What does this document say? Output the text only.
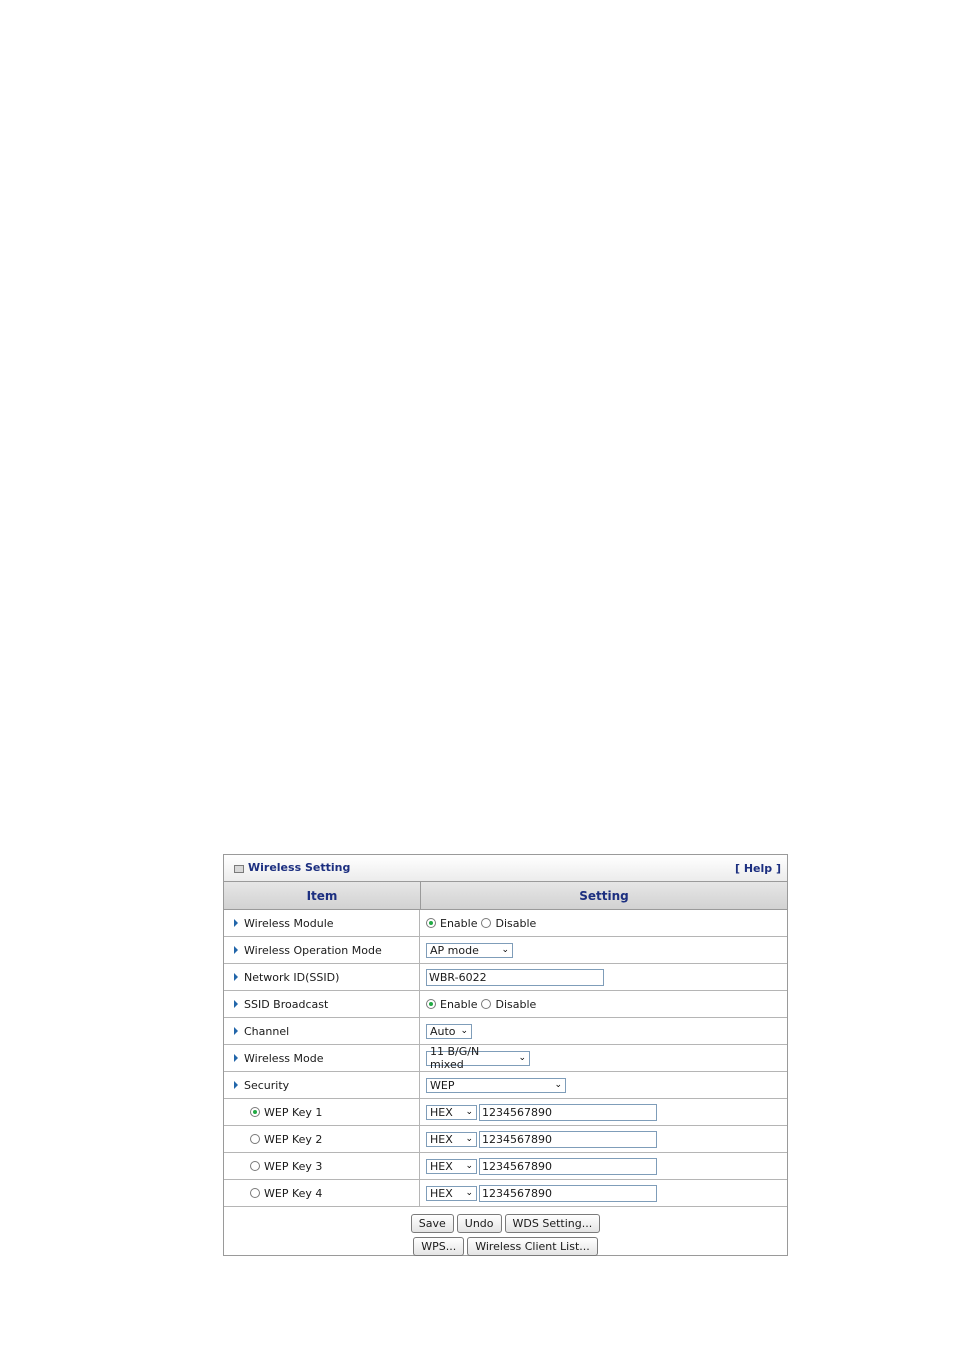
Wireless Setting	[ Help ]
Item	Setting
Wireless Module	Enable Disable
Wireless Operation Mode	AP mode	⌄
Network ID(SSID)	WBR-6022
SSID Broadcast	Enable Disable
Channel	Auto ⌄
Wireless Mode	11 B/G/N mixed	⌄
Security	WEP	⌄
WEP Key 1	HEX ⌄ 1234567890
WEP Key 2	HEX ⌄ 1234567890
WEP Key 3	HEX ⌄ 1234567890
WEP Key 4	HEX ⌄ 1234567890
Save	Undo	WDS Setting...
WPS...	Wireless Client List...
